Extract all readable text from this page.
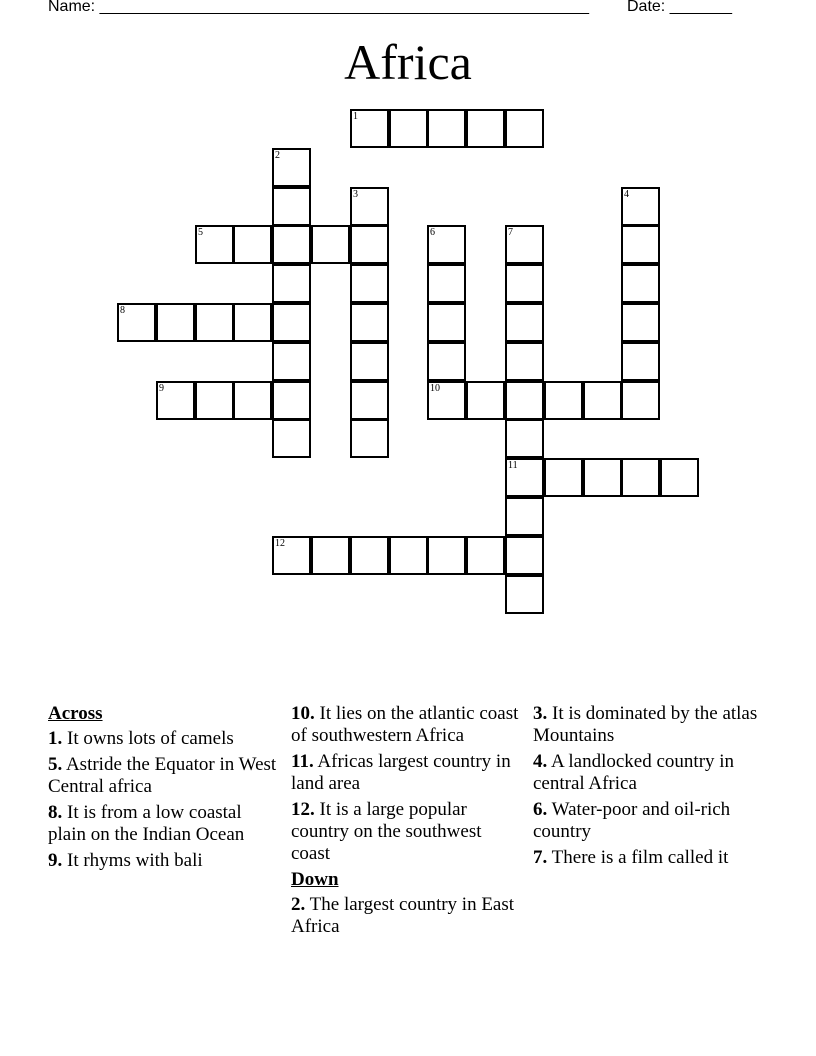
Name: _______________________________________________________ Date: _______
Africa
1
2
3	4
5	6	7
8
9	10
11
12
Across
1. It owns lots of camels
5. Astride the Equator in West Central africa
8. It is from a low coastal plain on the Indian Ocean
9. It rhyms with bali
10. It lies on the atlantic coast of southwestern Africa
11. Africas largest country in land area
12. It is a large popular country on the southwest coast
Down
2. The largest country in East Africa
3. It is dominated by the atlas Mountains
4. A landlocked country in central Africa
6. Water-poor and oil-rich country
7. There is a film called it
